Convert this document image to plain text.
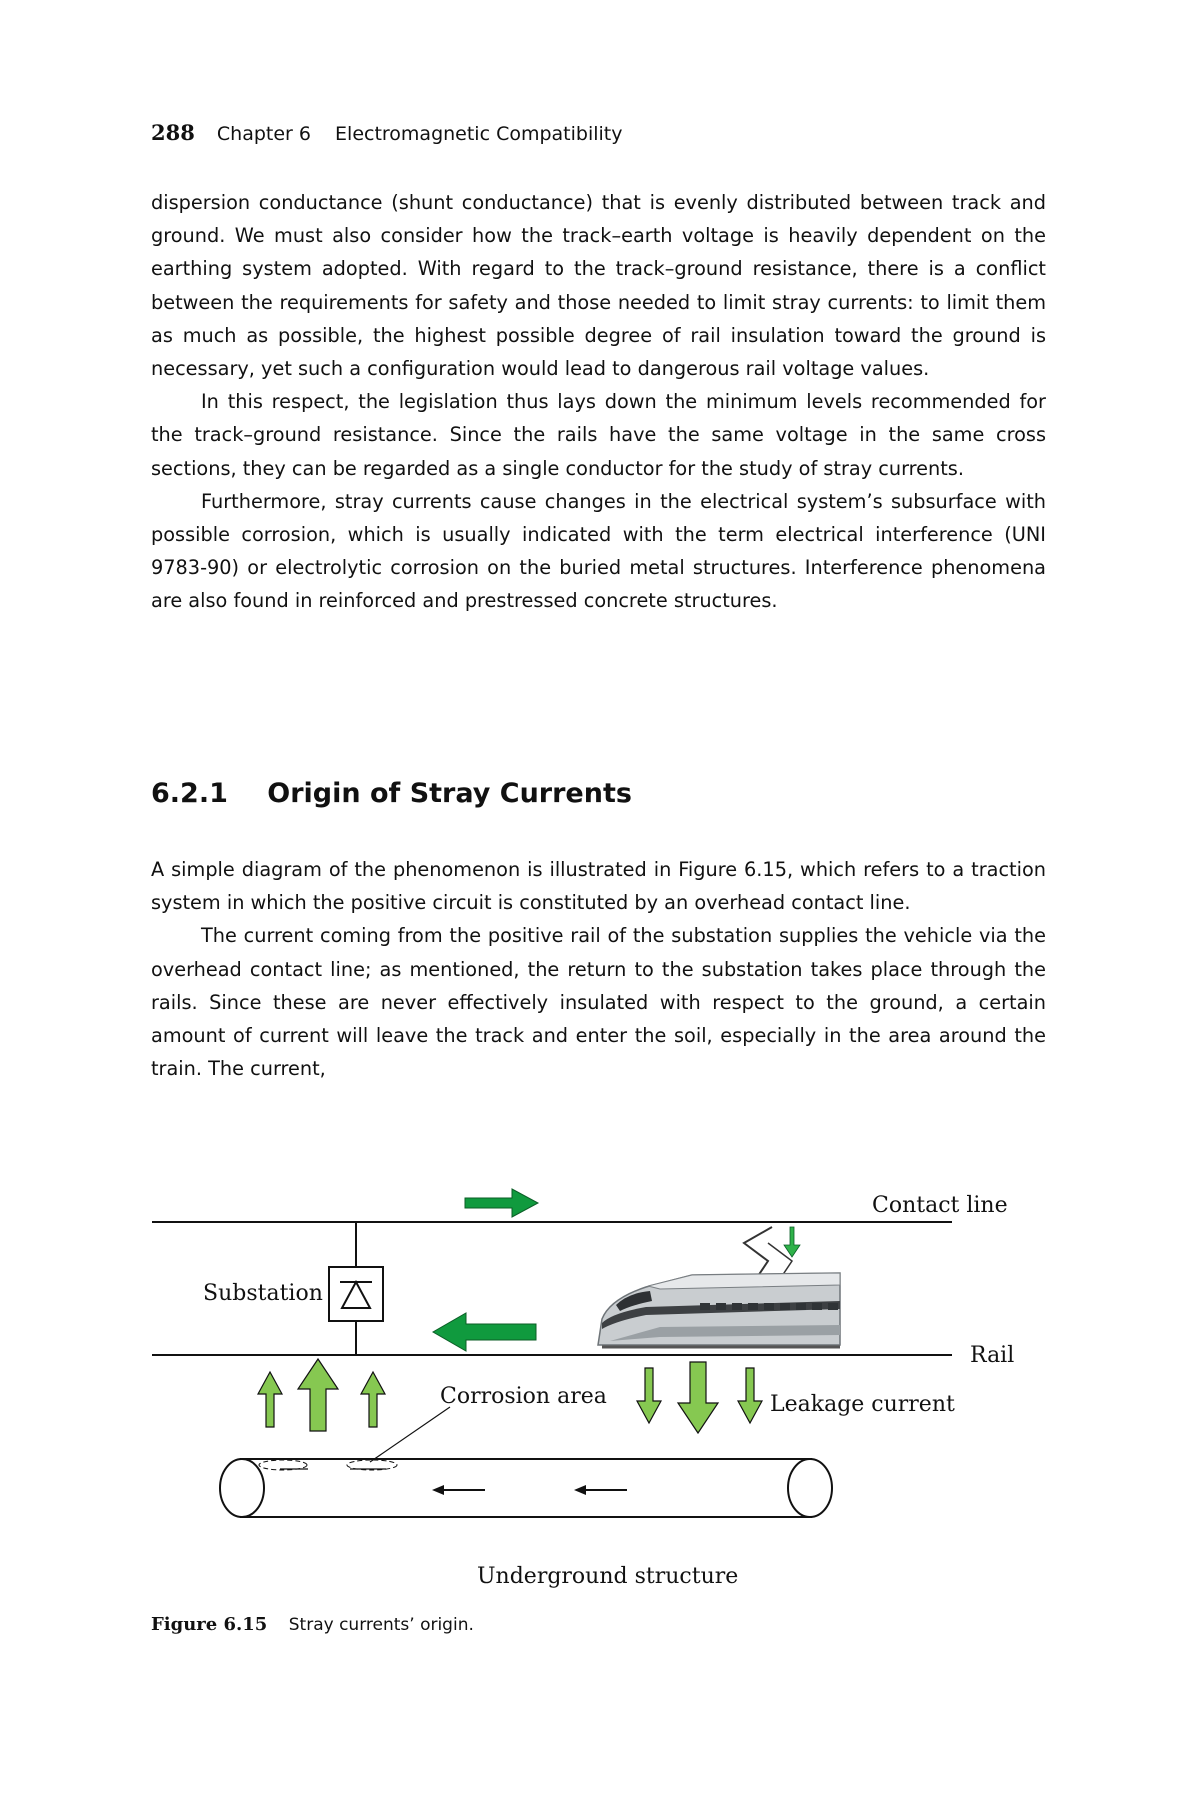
288 Chapter 6 Electromagnetic Compatibility

dispersion conductance (shunt conductance) that is evenly distributed between track and ground. We must also consider how the track–earth voltage is heavily dependent on the earthing system adopted. With regard to the track–ground resistance, there is a conflict between the requirements for safety and those needed to limit stray currents: to limit them as much as possible, the highest possible degree of rail insulation toward the ground is necessary, yet such a configuration would lead to dangerous rail voltage values.

In this respect, the legislation thus lays down the minimum levels recommended for the track–ground resistance. Since the rails have the same voltage in the same cross sections, they can be regarded as a single conductor for the study of stray currents.

Furthermore, stray currents cause changes in the electrical system’s subsurface with possible corrosion, which is usually indicated with the term electrical interference (UNI 9783-90) or electrolytic corrosion on the buried metal structures. Interference phenomena are also found in reinforced and prestressed concrete structures.

6.2.1 Origin of Stray Currents

A simple diagram of the phenomenon is illustrated in Figure 6.15, which refers to a traction system in which the positive circuit is constituted by an overhead contact line.

The current coming from the positive rail of the substation supplies the vehicle via the overhead contact line; as mentioned, the return to the substation takes place through the rails. Since these are never effectively insulated with respect to the ground, a certain amount of current will leave the track and enter the soil, especially in the area around the train. The current,

Contact line
Substation
Rail
Corrosion area	Leakage current
Underground structure
Figure 6.15 Stray currents’ origin.
